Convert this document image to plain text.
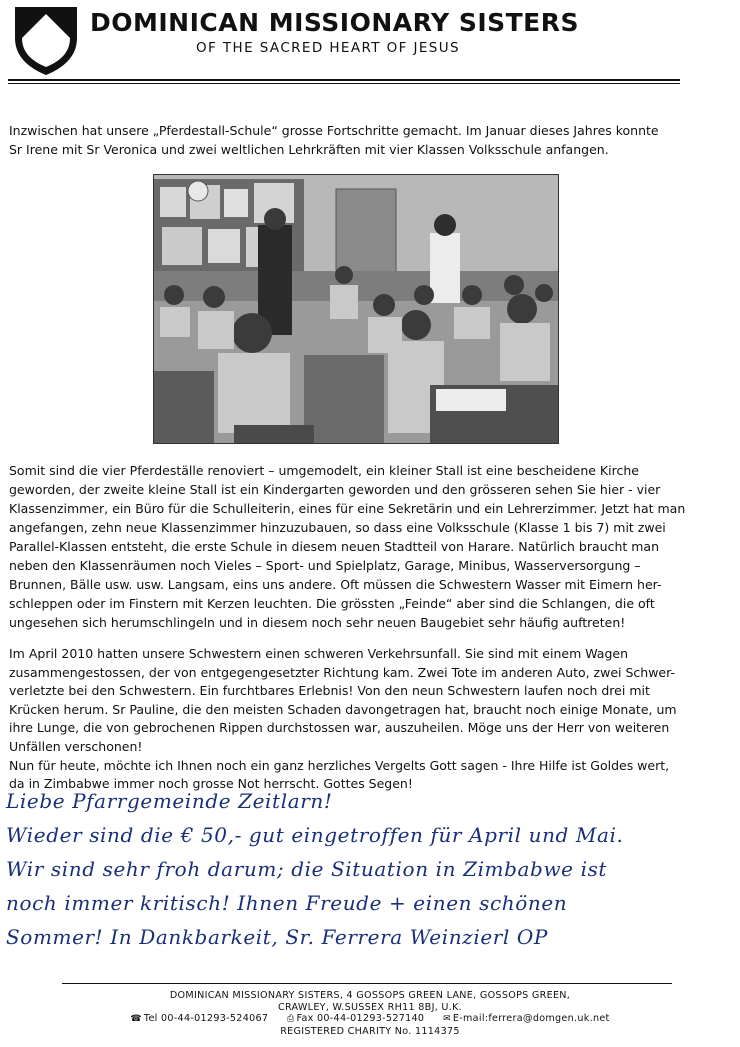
DOMINICAN MISSIONARY SISTERS
OF THE SACRED HEART OF JESUS

Inzwischen hat unsere „Pferdestall-Schule“ grosse Fortschritte gemacht. Im Januar dieses Jahres konnte
Sr Irene mit Sr Veronica und zwei weltlichen Lehrkräften mit vier Klassen Volksschule anfangen.

Somit sind die vier Pferdeställe renoviert – umgemodelt, ein kleiner Stall ist eine bescheidene Kirche
geworden, der zweite kleine Stall ist ein Kindergarten geworden und den grösseren sehen Sie hier - vier
Klassenzimmer, ein Büro für die Schulleiterin, eines für eine Sekretärin und ein Lehrerzimmer. Jetzt hat man
angefangen, zehn neue Klassenzimmer hinzuzubauen, so dass eine Volksschule (Klasse 1 bis 7) mit zwei
Parallel-Klassen entsteht, die erste Schule in diesem neuen Stadtteil von Harare. Natürlich braucht man
neben den Klassenräumen noch Vieles – Sport- und Spielplatz, Garage, Minibus, Wasserversorgung –
Brunnen, Bälle usw. usw. Langsam, eins uns andere. Oft müssen die Schwestern Wasser mit Eimern her-
schleppen oder im Finstern mit Kerzen leuchten. Die grössten „Feinde“ aber sind die Schlangen, die oft
ungesehen sich herumschlingeln und in diesem noch sehr neuen Baugebiet sehr häufig auftreten!

Im April 2010 hatten unsere Schwestern einen schweren Verkehrsunfall. Sie sind mit einem Wagen
zusammengestossen, der von entgegengesetzter Richtung kam. Zwei Tote im anderen Auto, zwei Schwer-
verletzte bei den Schwestern. Ein furchtbares Erlebnis! Von den neun Schwestern laufen noch drei mit
Krücken herum. Sr Pauline, die den meisten Schaden davongetragen hat, braucht noch einige Monate, um
ihre Lunge, die von gebrochenen Rippen durchstossen war, auszuheilen. Möge uns der Herr von weiteren
Unfällen verschonen!
Nun für heute, möchte ich Ihnen noch ein ganz herzliches Vergelts Gott sagen - Ihre Hilfe ist Goldes wert,
da in Zimbabwe immer noch grosse Not herrscht. Gottes Segen!

Liebe Pfarrgemeinde Zeitlarn!
Wieder sind die € 50,- gut eingetroffen für April und Mai.
Wir sind sehr froh darum; die Situation in Zimbabwe ist
noch immer kritisch! Ihnen Freude + einen schönen
Sommer! In Dankbarkeit, Sr. Ferrera Weinzierl OP
DOMINICAN MISSIONARY SISTERS, 4 GOSSOPS GREEN LANE, GOSSOPS GREEN,
CRAWLEY, W.SUSSEX RH11 8BJ, U.K.
☎ Tel 00-44-01293-524067 ⎙ Fax 00-44-01293-527140 ✉ E-mail:ferrera@domgen.uk.net
REGISTERED CHARITY No. 1114375
